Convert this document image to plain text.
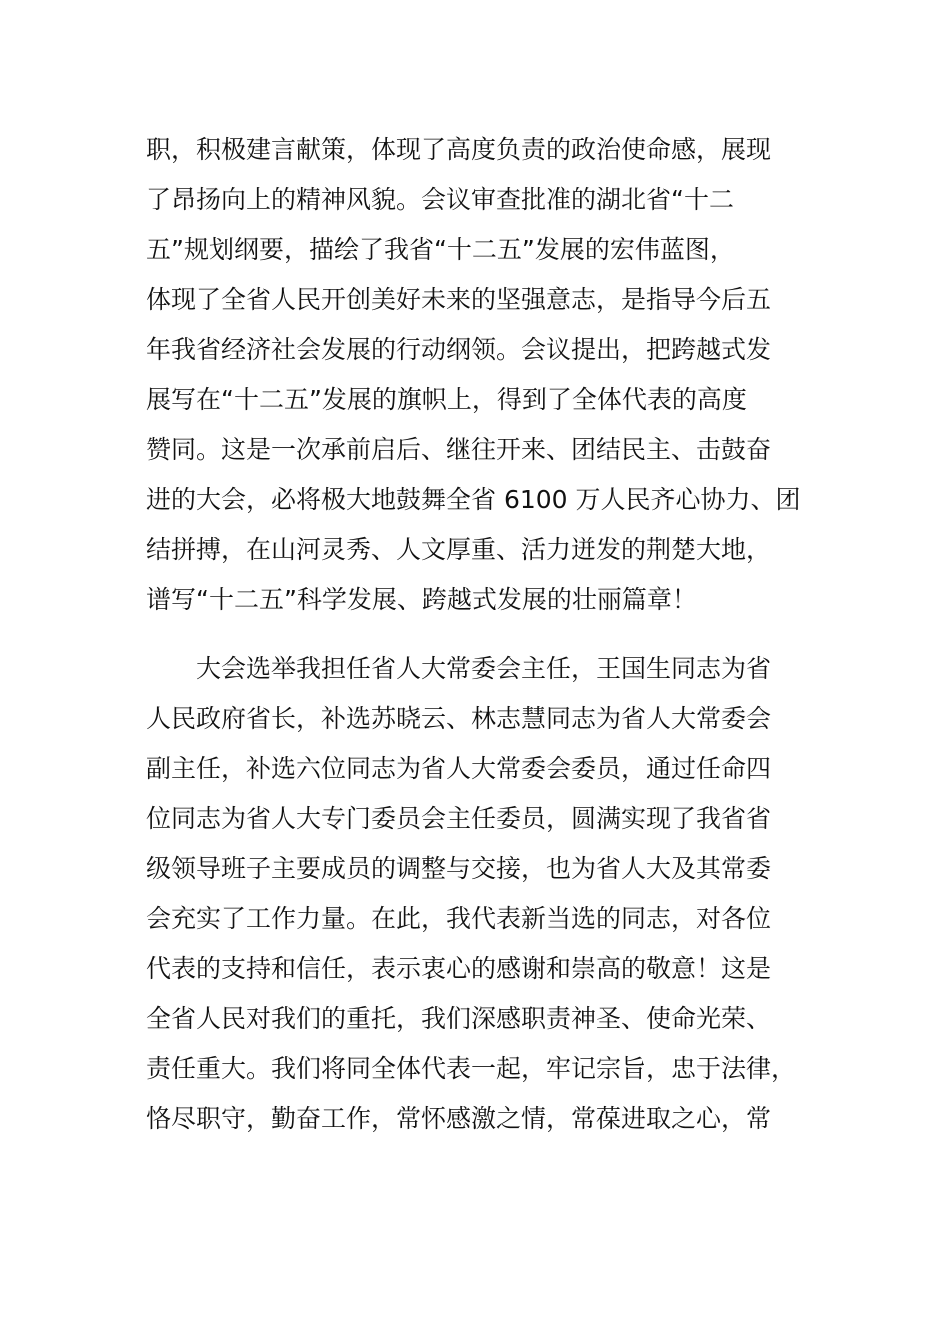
职，积极建言献策，体现了高度负责的政治使命感，展现
了昂扬向上的精神风貌。会议审查批准的湖北省“十二
五”规划纲要，描绘了我省“十二五”发展的宏伟蓝图，
体现了全省人民开创美好未来的坚强意志，是指导今后五
年我省经济社会发展的行动纲领。会议提出，把跨越式发
展写在“十二五”发展的旗帜上，得到了全体代表的高度
赞同。这是一次承前启后、继往开来、团结民主、击鼓奋
进的大会，必将极大地鼓舞全省 6100 万人民齐心协力、团
结拼搏，在山河灵秀、人文厚重、活力迸发的荆楚大地，
谱写“十二五”科学发展、跨越式发展的壮丽篇章！
大会选举我担任省人大常委会主任，王国生同志为省
人民政府省长，补选苏晓云、林志慧同志为省人大常委会
副主任，补选六位同志为省人大常委会委员，通过任命四
位同志为省人大专门委员会主任委员，圆满实现了我省省
级领导班子主要成员的调整与交接，也为省人大及其常委
会充实了工作力量。在此，我代表新当选的同志，对各位
代表的支持和信任，表示衷心的感谢和崇高的敬意！这是
全省人民对我们的重托，我们深感职责神圣、使命光荣、
责任重大。我们将同全体代表一起，牢记宗旨，忠于法律，
恪尽职守，勤奋工作，常怀感激之情，常葆进取之心，常
